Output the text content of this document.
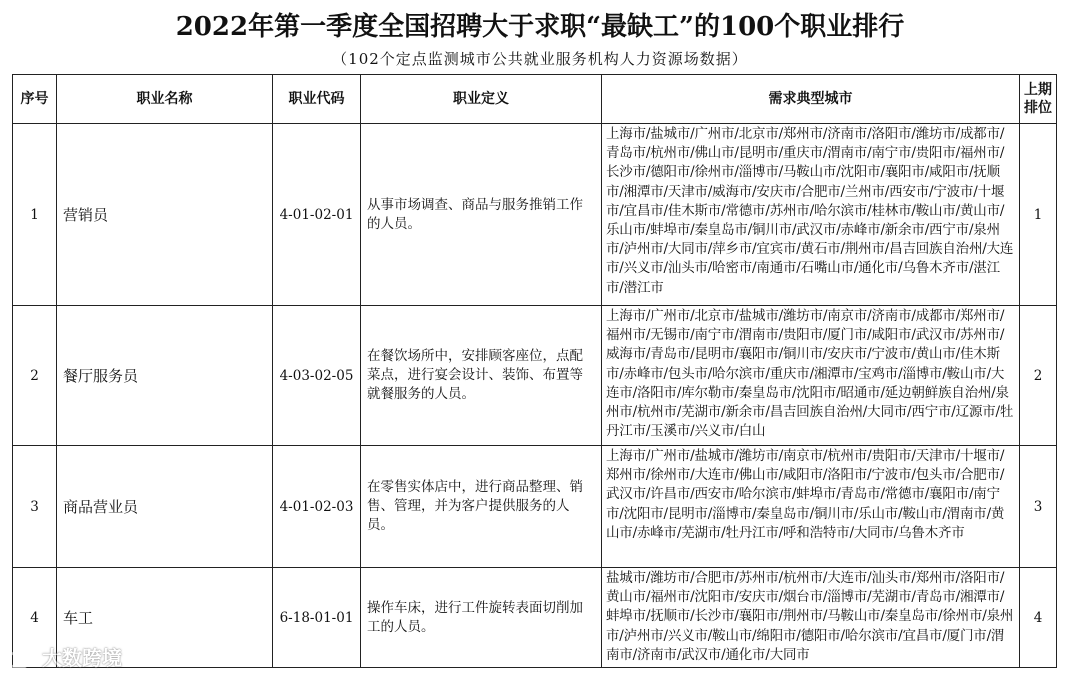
2022年第一季度全国招聘大于求职“最缺工”的100个职业排行
（102个定点监测城市公共就业服务机构人力资源场数据）
序号	职业名称	职业代码	职业定义	需求典型城市	上期排位
1	营销员	4-01-02-01	从事市场调查、商品与服务推销工作的人员。	上海市/盐城市/广州市/北京市/郑州市/济南市/洛阳市/潍坊市/成都市/青岛市/杭州市/佛山市/昆明市/重庆市/渭南市/南宁市/贵阳市/福州市/长沙市/德阳市/徐州市/淄博市/马鞍山市/沈阳市/襄阳市/咸阳市/抚顺市/湘潭市/天津市/威海市/安庆市/合肥市/兰州市/西安市/宁波市/十堰市/宜昌市/佳木斯市/常德市/苏州市/哈尔滨市/桂林市/鞍山市/黄山市/乐山市/蚌埠市/秦皇岛市/铜川市/武汉市/赤峰市/新余市/西宁市/泉州市/泸州市/大同市/萍乡市/宜宾市/黄石市/荆州市/昌吉回族自治州/大连市/兴义市/汕头市/哈密市/南通市/石嘴山市/通化市/乌鲁木齐市/湛江市/潜江市	1
2	餐厅服务员	4-03-02-05	在餐饮场所中，安排顾客座位，点配菜点，进行宴会设计、装饰、布置等就餐服务的人员。	上海市/广州市/北京市/盐城市/潍坊市/南京市/济南市/成都市/郑州市/福州市/无锡市/南宁市/渭南市/贵阳市/厦门市/咸阳市/武汉市/苏州市/威海市/青岛市/昆明市/襄阳市/铜川市/安庆市/宁波市/黄山市/佳木斯市/赤峰市/包头市/哈尔滨市/重庆市/湘潭市/宝鸡市/淄博市/鞍山市/大连市/洛阳市/库尔勒市/秦皇岛市/沈阳市/昭通市/延边朝鲜族自治州/泉州市/杭州市/芜湖市/新余市/昌吉回族自治州/大同市/西宁市/辽源市/牡丹江市/玉溪市/兴义市/白山	2
3	商品营业员	4-01-02-03	在零售实体店中，进行商品整理、销售、管理，并为客户提供服务的人员。	上海市/广州市/盐城市/潍坊市/南京市/杭州市/贵阳市/天津市/十堰市/郑州市/徐州市/大连市/佛山市/咸阳市/洛阳市/宁波市/包头市/合肥市/武汉市/许昌市/西安市/哈尔滨市/蚌埠市/青岛市/常德市/襄阳市/南宁市/沈阳市/昆明市/淄博市/秦皇岛市/铜川市/乐山市/鞍山市/渭南市/黄山市/赤峰市/芜湖市/牡丹江市/呼和浩特市/大同市/乌鲁木齐市	3
4	车工	6-18-01-01	操作车床，进行工件旋转表面切削加工的人员。	盐城市/潍坊市/合肥市/苏州市/杭州市/大连市/汕头市/郑州市/洛阳市/黄山市/福州市/沈阳市/安庆市/烟台市/淄博市/芜湖市/青岛市/湘潭市/蚌埠市/抚顺市/长沙市/襄阳市/荆州市/马鞍山市/秦皇岛市/徐州市/泉州市/泸州市/兴义市/鞍山市/绵阳市/德阳市/哈尔滨市/宜昌市/厦门市/渭南市/济南市/武汉市/通化市/大同市	4
大数跨境
